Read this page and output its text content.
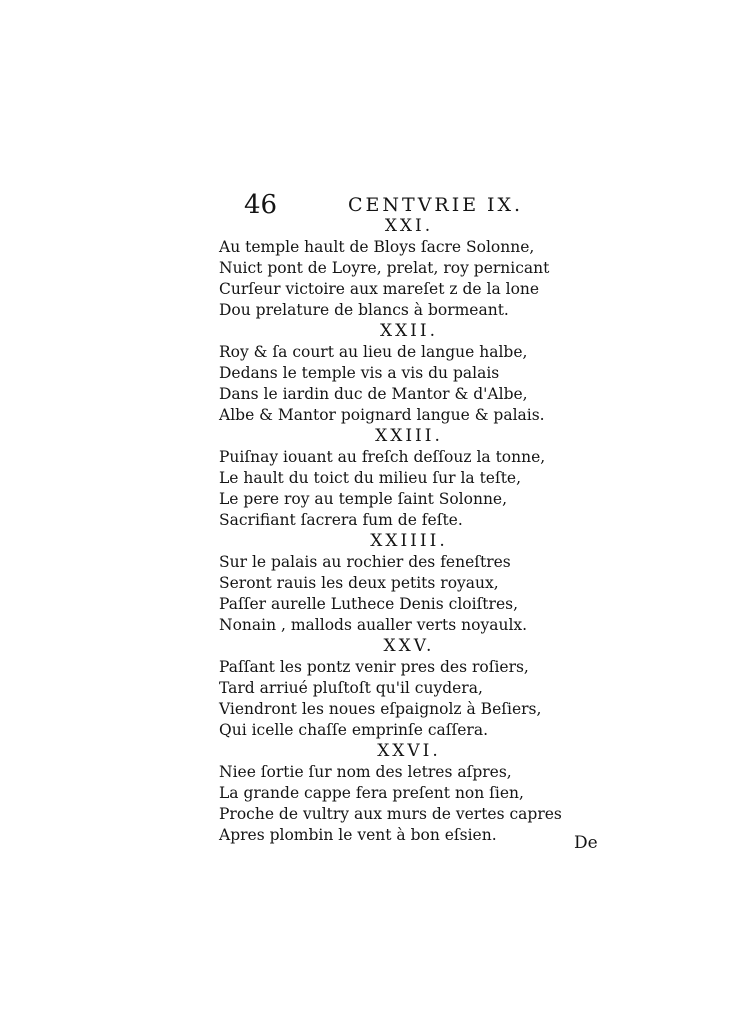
46	CENTVRIE IX.
XXI.
Au temple hault de Bloys ſacre Solonne,
Nuict pont de Loyre, prelat, roy pernicant
Curſeur victoire aux mareſet z de la lone
Dou prelature de blancs à bormeant.
XXII.
Roy & ſa court au lieu de langue halbe,
Dedans le temple vis a vis du palais
Dans le iardin duc de Mantor & d'Albe,
Albe & Mantor poignard langue & palais.
XXIII.
Puiſnay iouant au freſch deſſouz la tonne,
Le hault du toict du milieu ſur la teſte,
Le pere roy au temple ſaint Solonne,
Sacrifiant ſacrera fum de feſte.
XXIIII.
Sur le palais au rochier des feneſtres
Seront rauis les deux petits royaux,
Paſſer aurelle Luthece Denis cloiſtres,
Nonain , mallods aualler verts noyaulx.
XXV.
Paſſant les pontz venir pres des roſiers,
Tard arriué pluſtoſt qu'il cuydera,
Viendront les noues eſpaignolz à Beſiers,
Qui icelle chaſſe emprinſe caſſera.
XXVI.
Niee ſortie ſur nom des letres aſpres,
La grande cappe fera preſent non ſien,
Proche de vultry aux murs de vertes capres
Apres plombin le vent à bon eſsien.	De
